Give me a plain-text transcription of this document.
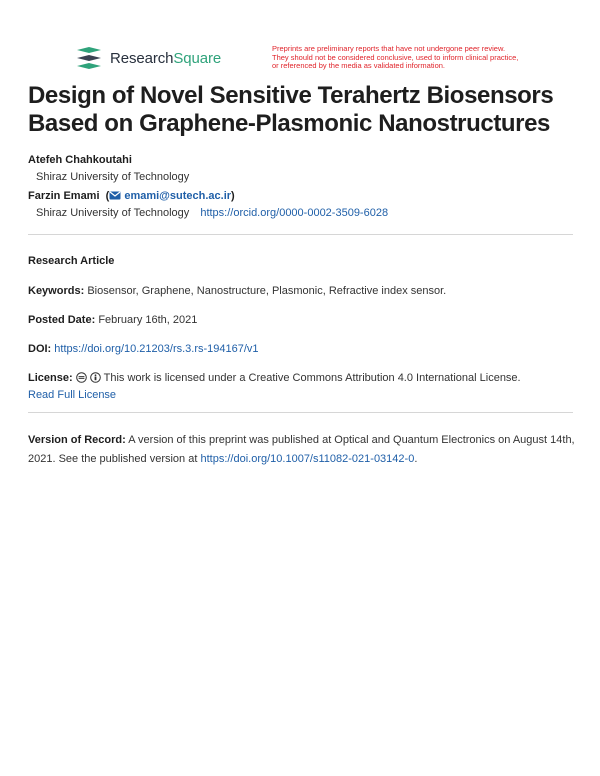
ResearchSquare
Preprints are preliminary reports that have not undergone peer review.
They should not be considered conclusive, used to inform clinical practice,
or referenced by the media as validated information.
Design of Novel Sensitive Terahertz Biosensors Based on Graphene-Plasmonic Nanostructures
Atefeh Chahkoutahi
Shiraz University of Technology
Farzin Emami  ( emami@sutech.ac.ir)
Shiraz University of Technology https://orcid.org/0000-0002-3509-6028
Research Article
Keywords: Biosensor, Graphene, Nanostructure, Plasmonic, Refractive index sensor.
Posted Date: February 16th, 2021
DOI: https://doi.org/10.21203/rs.3.rs-194167/v1
License:	This work is licensed under a Creative Commons Attribution 4.0 International License.
Read Full License
Version of Record: A version of this preprint was published at Optical and Quantum Electronics on August 14th, 2021. See the published version at https://doi.org/10.1007/s11082-021-03142-0.
